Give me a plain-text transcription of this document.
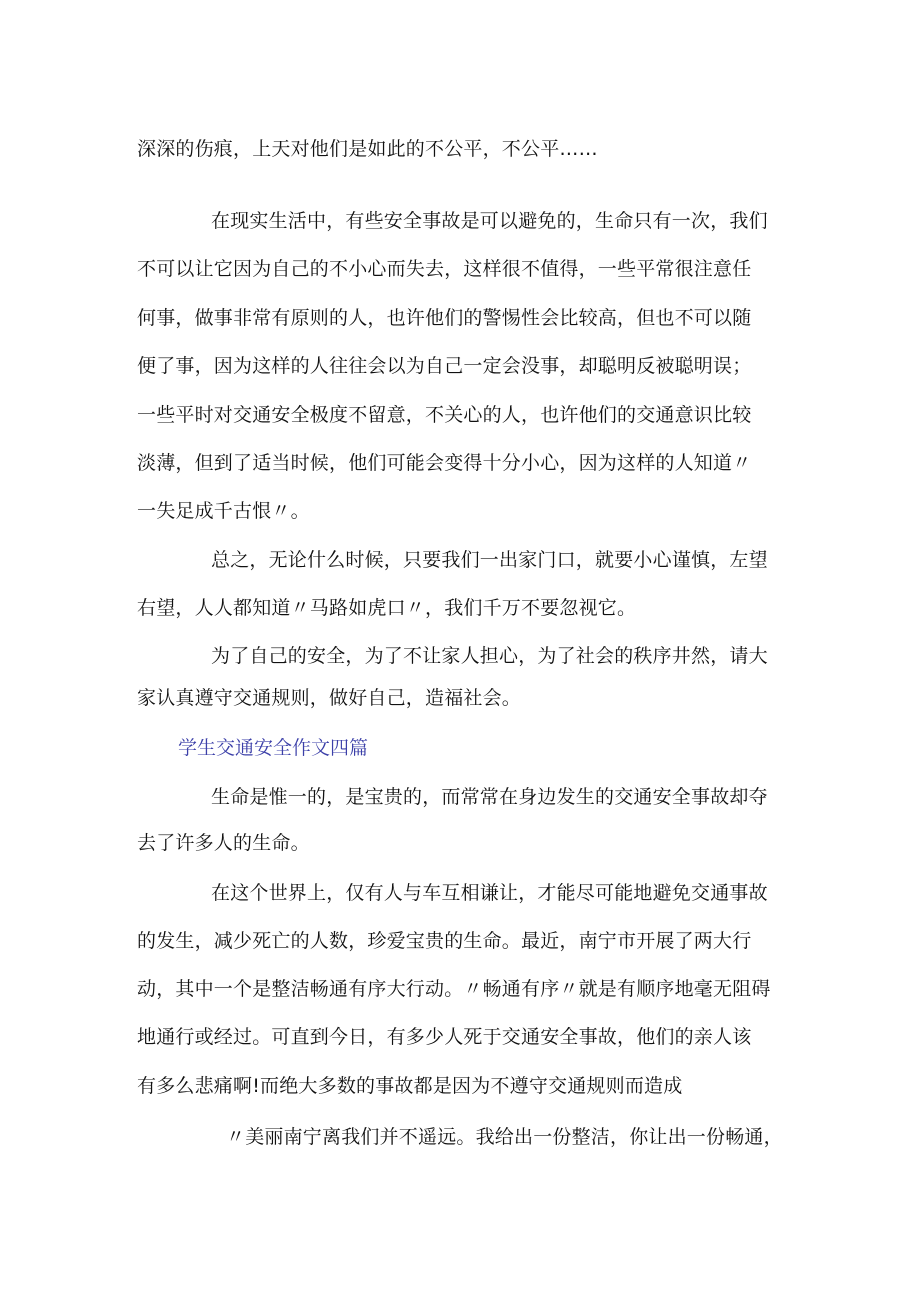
深深的伤痕，上天对他们是如此的不公平，不公平……
在现实生活中，有些安全事故是可以避免的，生命只有一次，我们
不可以让它因为自己的不小心而失去，这样很不值得，一些平常很注意任
何事，做事非常有原则的人，也许他们的警惕性会比较高，但也不可以随
便了事，因为这样的人往往会以为自己一定会没事，却聪明反被聪明误；
一些平时对交通安全极度不留意，不关心的人，也许他们的交通意识比较
淡薄，但到了适当时候，他们可能会变得十分小心，因为这样的人知道〃
一失足成千古恨〃。
总之，无论什么时候，只要我们一出家门口，就要小心谨慎，左望
右望，人人都知道〃马路如虎口〃，我们千万不要忽视它。
为了自己的安全，为了不让家人担心，为了社会的秩序井然，请大
家认真遵守交通规则，做好自己，造福社会。
学生交通安全作文四篇
生命是惟一的，是宝贵的，而常常在身边发生的交通安全事故却夺
去了许多人的生命。
在这个世界上，仅有人与车互相谦让，才能尽可能地避免交通事故
的发生，减少死亡的人数，珍爱宝贵的生命。最近，南宁市开展了两大行
动，其中一个是整洁畅通有序大行动。〃畅通有序〃就是有顺序地毫无阻碍
地通行或经过。可直到今日，有多少人死于交通安全事故，他们的亲人该
有多么悲痛啊!而绝大多数的事故都是因为不遵守交通规则而造成
〃美丽南宁离我们并不遥远。我给出一份整洁，你让出一份畅通，
